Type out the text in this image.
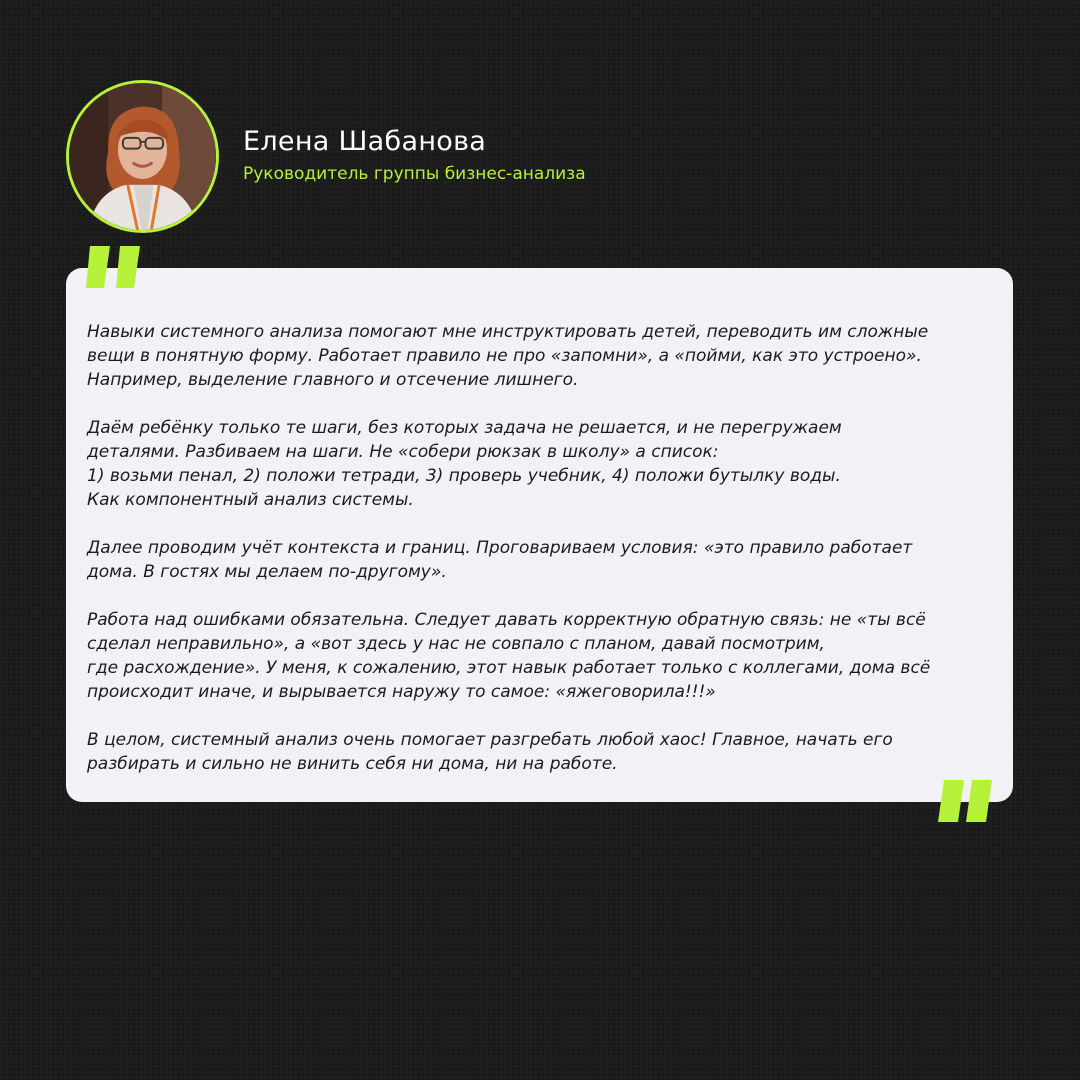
Елена Шабанова
Руководитель группы бизнес-анализа

Навыки системного анализа помогают мне инструктировать детей, переводить им сложные
вещи в понятную форму. Работает правило не про «запомни», а «пойми, как это устроено».
Например, выделение главного и отсечение лишнего.

Даём ребёнку только те шаги, без которых задача не решается, и не перегружаем
деталями. Разбиваем на шаги. Не «собери рюкзак в школу» а список:
1) возьми пенал, 2) положи тетради, 3) проверь учебник, 4) положи бутылку воды.
Как компонентный анализ системы.

Далее проводим учёт контекста и границ. Проговариваем условия: «это правило работает
дома. В гостях мы делаем по-другому».

Работа над ошибками обязательна. Следует давать корректную обратную связь: не «ты всё
сделал неправильно», а «вот здесь у нас не совпало с планом, давай посмотрим,
где расхождение». У меня, к сожалению, этот навык работает только с коллегами, дома всё
происходит иначе, и вырывается наружу то самое: «яжеговорила!!!»

В целом, системный анализ очень помогает разгребать любой хаос! Главное, начать его
разбирать и сильно не винить себя ни дома, ни на работе.
